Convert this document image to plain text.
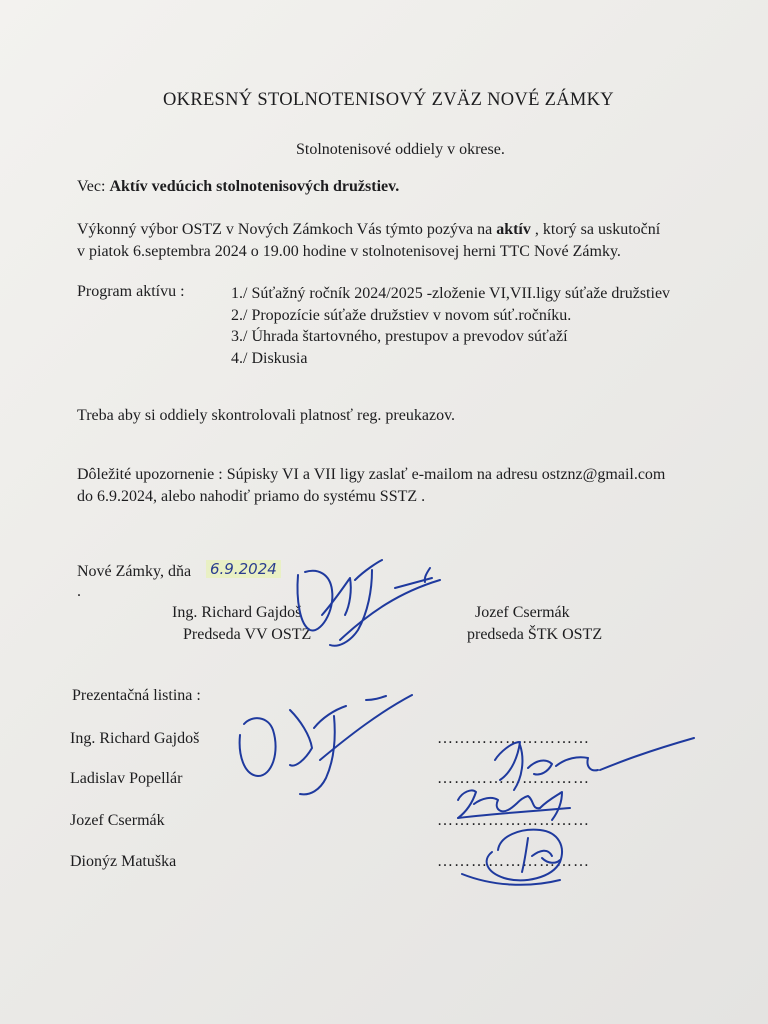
OKRESNÝ STOLNOTENISOVÝ ZVÄZ NOVÉ ZÁMKY
Stolnotenisové oddiely v okrese.
Vec: Aktív vedúcich stolnotenisových družstiev.
Výkonný výbor OSTZ v Nových Zámkoch Vás týmto pozýva na aktív , ktorý sa uskutoční
v piatok 6.septembra 2024 o 19.00 hodine v stolnotenisovej herni TTC Nové Zámky.
Program aktívu :	1./ Súťažný ročník 2024/2025 -zloženie VI,VII.ligy súťaže družstiev
2./ Propozície súťaže družstiev v novom súť.ročníku.
3./ Úhrada štartovného, prestupov a prevodov súťaží
4./ Diskusia
Treba aby si oddiely skontrolovali platnosť reg. preukazov.
Dôležité upozornenie : Súpisky VI a VII ligy zaslať e-mailom na adresu ostznz@gmail.com
do 6.9.2024, alebo nahodiť priamo do systému SSTZ .
Nové Zámky, dňa 6.9.2024
.
Ing. Richard Gajdoš
Predseda VV OSTZ
Jozef Csermák
predseda ŠTK OSTZ
Prezentačná listina :
Ing. Richard Gajdoš	………………………
Ladislav Popellár	………………………
Jozef Csermák	………………………
Dionýz Matuška	………………………
